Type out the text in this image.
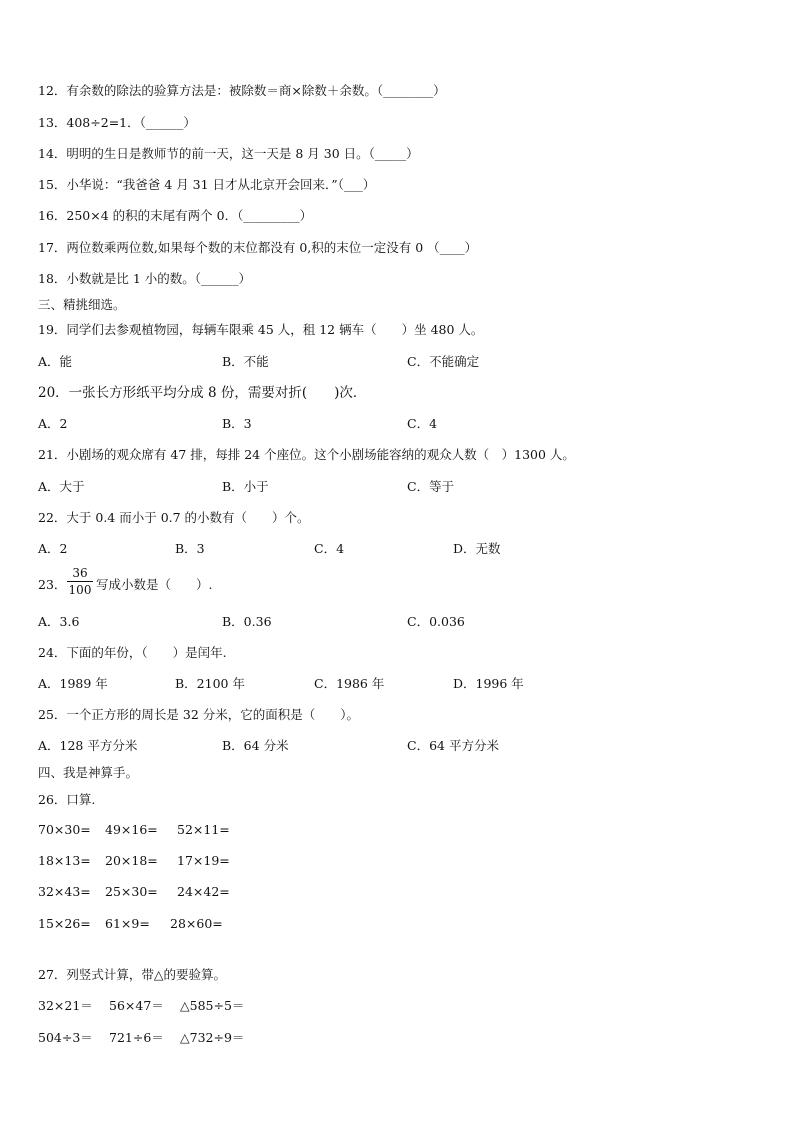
12．有余数的除法的验算方法是：被除数＝商×除数＋余数。（________）
13．408÷2=1．（______）
14．明明的生日是教师节的前一天，这一天是 8 月 30 日。（_____）
15．小华说：“我爸爸 4 月 31 日才从北京开会回来．”（___）
16．250×4 的积的末尾有两个 0．（_________）
17．两位数乘两位数,如果每个数的末位都没有 0,积的末位一定没有 0 （____）
18．小数就是比 1 小的数。（______）
三、精挑细选。
19．同学们去参观植物园，每辆车限乘 45 人，租 12 辆车（　　）坐 480 人。
A．能	B．不能	C．不能确定
20．一张长方形纸平均分成 8 份，需要对折(　　)次．
A．2	B．3	C．4
21．小剧场的观众席有 47 排，每排 24 个座位。这个小剧场能容纳的观众人数（　）1300 人。
A．大于	B．小于	C．等于
22．大于 0.4 而小于 0.7 的小数有（　　）个。
A．2	B．3	C．4	D．无数
23．
36
100 写成小数是（　　）.
A．3.6	B．0.36	C．0.036
24．下面的年份，（　　）是闰年.
A．1989 年	B．2100 年	C．1986 年	D．1996 年
25．一个正方形的周长是 32 分米，它的面积是（　　）。
A．128 平方分米	B．64 分米	C．64 平方分米
四、我是神算手。
26．口算.
70×30= 49×16= 52×11=
18×13= 20×18= 17×19=
32×43= 25×30= 24×42=
15×26= 61×9= 28×60=
27．列竖式计算，带△的要验算。
32×21＝ 56×47＝ △585÷5＝
504÷3＝ 721÷6＝ △732÷9＝
